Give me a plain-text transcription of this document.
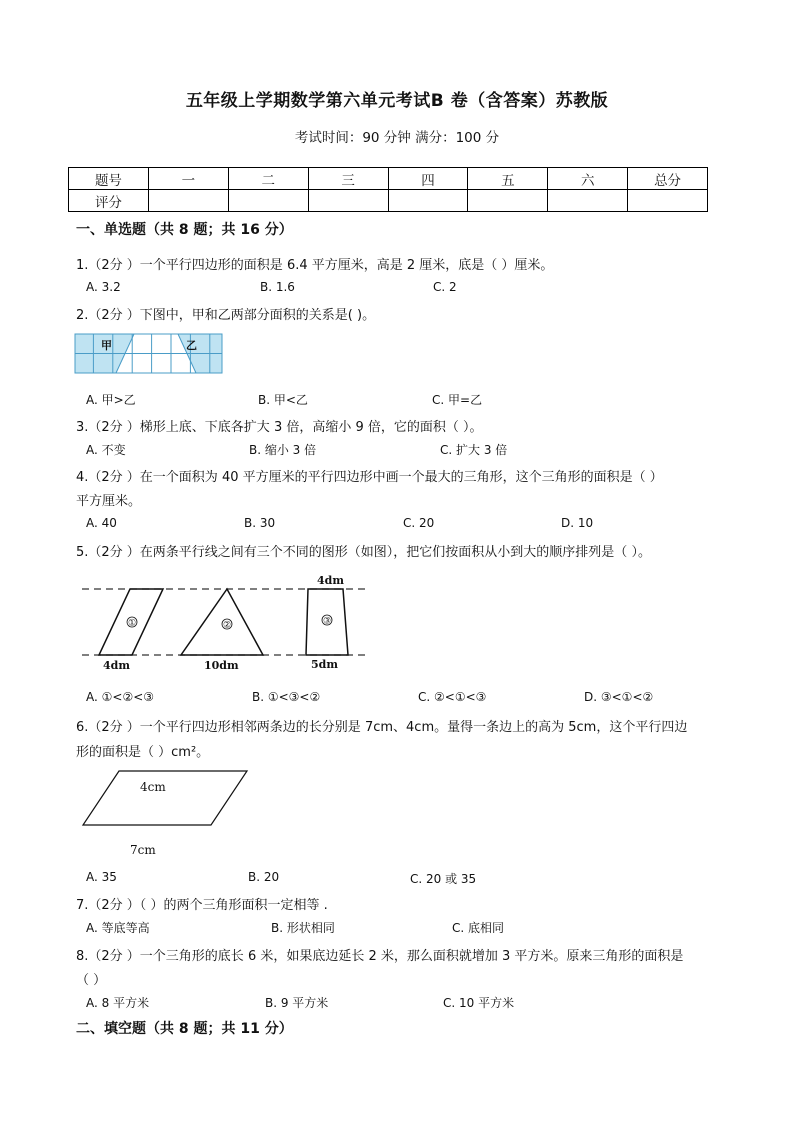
五年级上学期数学第六单元考试B 卷（含答案）苏教版
考试时间：90 分钟 满分：100 分
题号	一	二	三	四	五	六	总分
评分							
一、单选题（共 8 题；共 16 分）
1.（2分 ）一个平行四边形的面积是 6.4 平方厘米，高是 2 厘米，底是（ ）厘米。
A. 3.2	B. 1.6	C. 2
2.（2分 ）下图中，甲和乙两部分面积的关系是( )。
甲	乙
A. 甲>乙	B. 甲<乙	C. 甲=乙
3.（2分 ）梯形上底、下底各扩大 3 倍，高缩小 9 倍，它的面积（ ）。
A. 不变	B. 缩小 3 倍	C. 扩大 3 倍
4.（2分 ）在一个面积为 40 平方厘米的平行四边形中画一个最大的三角形，这个三角形的面积是（ ）
平方厘米。
A. 40	B. 30	C. 20	D. 10
5.（2分 ）在两条平行线之间有三个不同的图形（如图），把它们按面积从小到大的顺序排列是（ ）。
①	②	③
4dm	10dm
4dm
5dm
A. ①<②<③	B. ①<③<②	C. ②<①<③	D. ③<①<②
6.（2分 ）一个平行四边形相邻两条边的长分别是 7cm、4cm。量得一条边上的高为 5cm，这个平行四边
形的面积是（ ）cm²。
4cm
7cm
A. 35	B. 20	C. 20 或 35
7.（2分 ）（ ）的两个三角形面积一定相等 .
A. 等底等高	B. 形状相同	C. 底相同
8.（2分 ）一个三角形的底长 6 米，如果底边延长 2 米，那么面积就增加 3 平方米。原来三角形的面积是
（ ）
A. 8 平方米	B. 9 平方米	C. 10 平方米
二、填空题（共 8 题；共 11 分）
